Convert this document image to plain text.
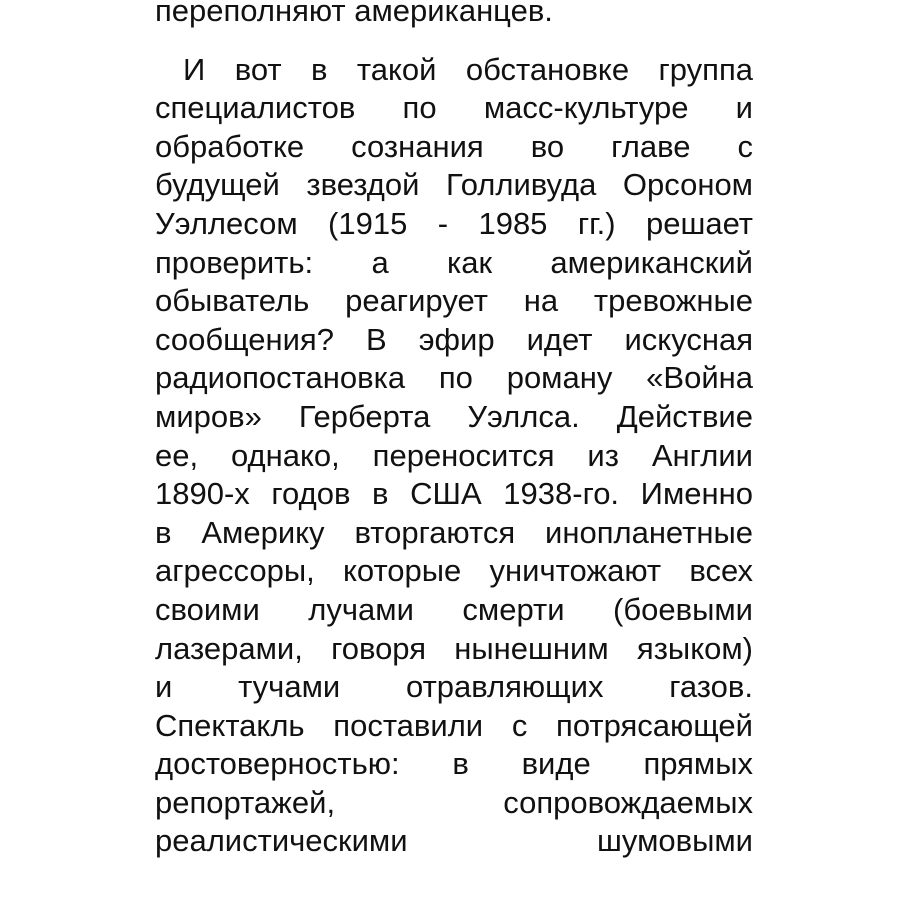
переполняют американцев.
И вот в такой обстановке группа
специалистов по масс-культуре и
обработке сознания во главе с
будущей звездой Голливуда Орсоном
Уэллесом (1915 - 1985 гг.) решает
проверить: а как американский
обыватель реагирует на тревожные
сообщения? В эфир идет искусная
радиопостановка по роману «Война
миров» Герберта Уэллса. Действие
ее, однако, переносится из Англии
1890-х годов в США 1938-го. Именно
в Америку вторгаются инопланетные
агрессоры, которые уничтожают всех
своими лучами смерти (боевыми
лазерами, говоря нынешним языком)
и тучами отравляющих газов.
Спектакль поставили с потрясающей
достоверностью: в виде прямых
репортажей, сопровождаемых
реалистическими шумовыми
